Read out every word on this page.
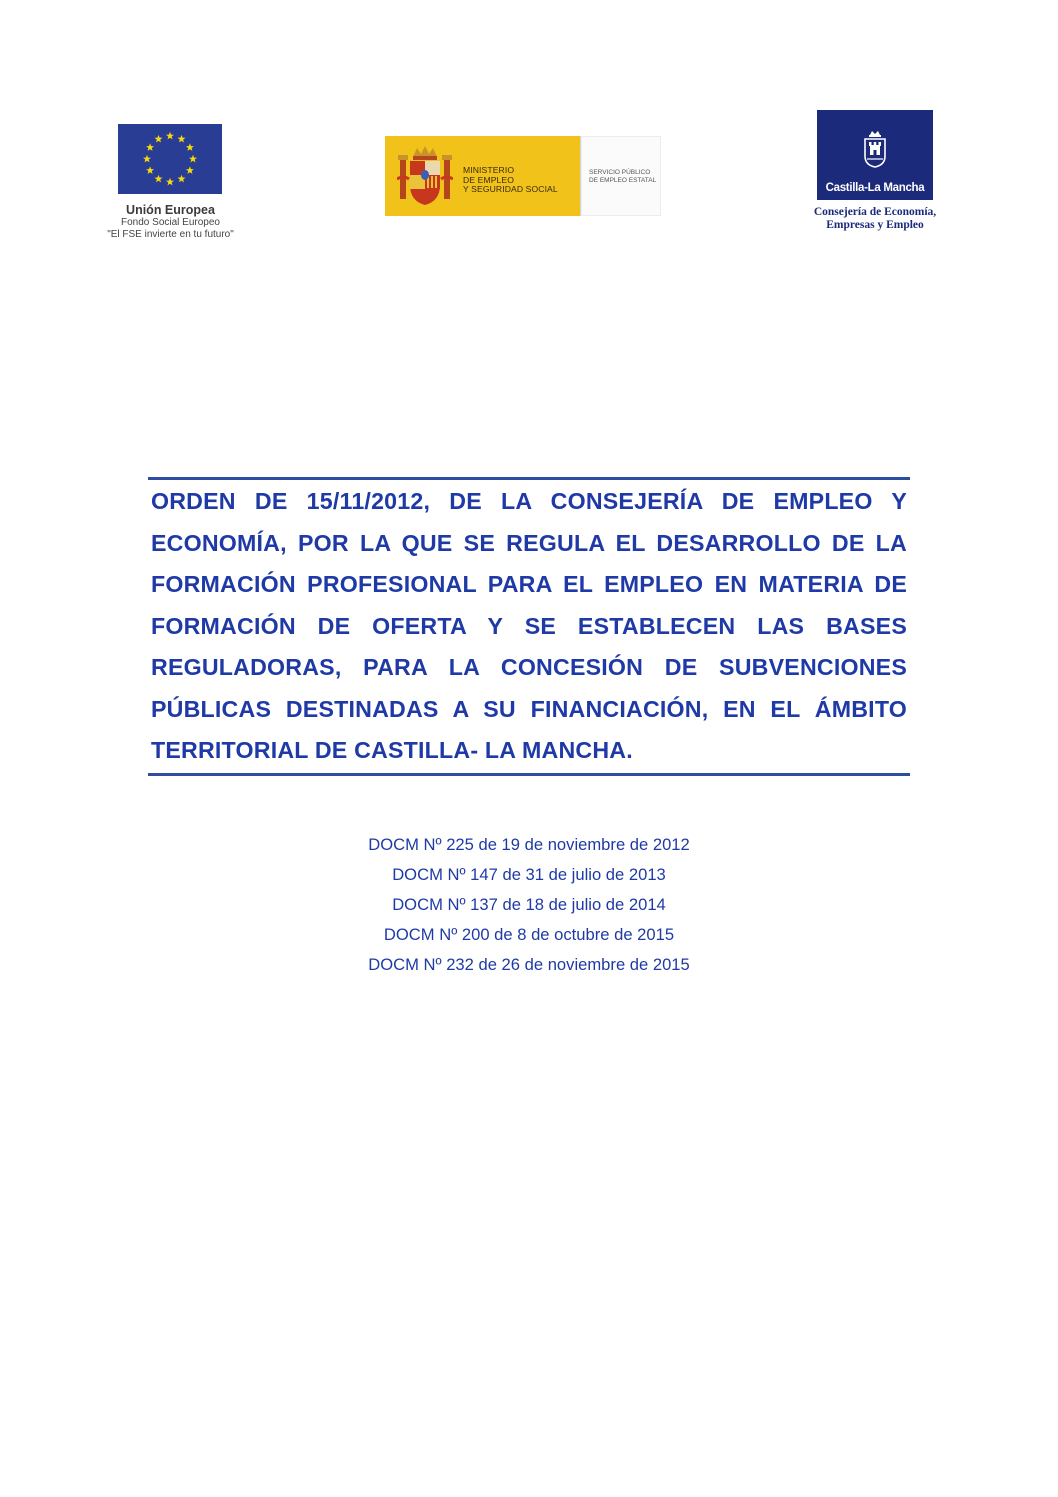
Unión Europea
Fondo Social Europeo
"El FSE invierte en tu futuro"
MINISTERIO
DE EMPLEO
Y SEGURIDAD SOCIAL
SERVICIO PÚBLICO
DE EMPLEO ESTATAL
Castilla-La Mancha
Consejería de Economía,
Empresas y Empleo

ORDEN DE 15/11/2012, DE LA CONSEJERÍA DE EMPLEO Y ECONOMÍA, POR LA QUE SE REGULA EL DESARROLLO DE LA FORMACIÓN PROFESIONAL PARA EL EMPLEO EN MATERIA DE FORMACIÓN DE OFERTA Y SE ESTABLECEN LAS BASES REGULADORAS, PARA LA CONCESIÓN DE SUBVENCIONES PÚBLICAS DESTINADAS A SU FINANCIACIÓN, EN EL ÁMBITO TERRITORIAL DE CASTILLA- LA MANCHA.

DOCM Nº 225 de 19 de noviembre de 2012
DOCM Nº 147 de 31 de julio de 2013
DOCM Nº 137 de 18 de julio de 2014
DOCM Nº 200 de 8 de octubre de 2015
DOCM Nº 232 de 26 de noviembre de 2015
